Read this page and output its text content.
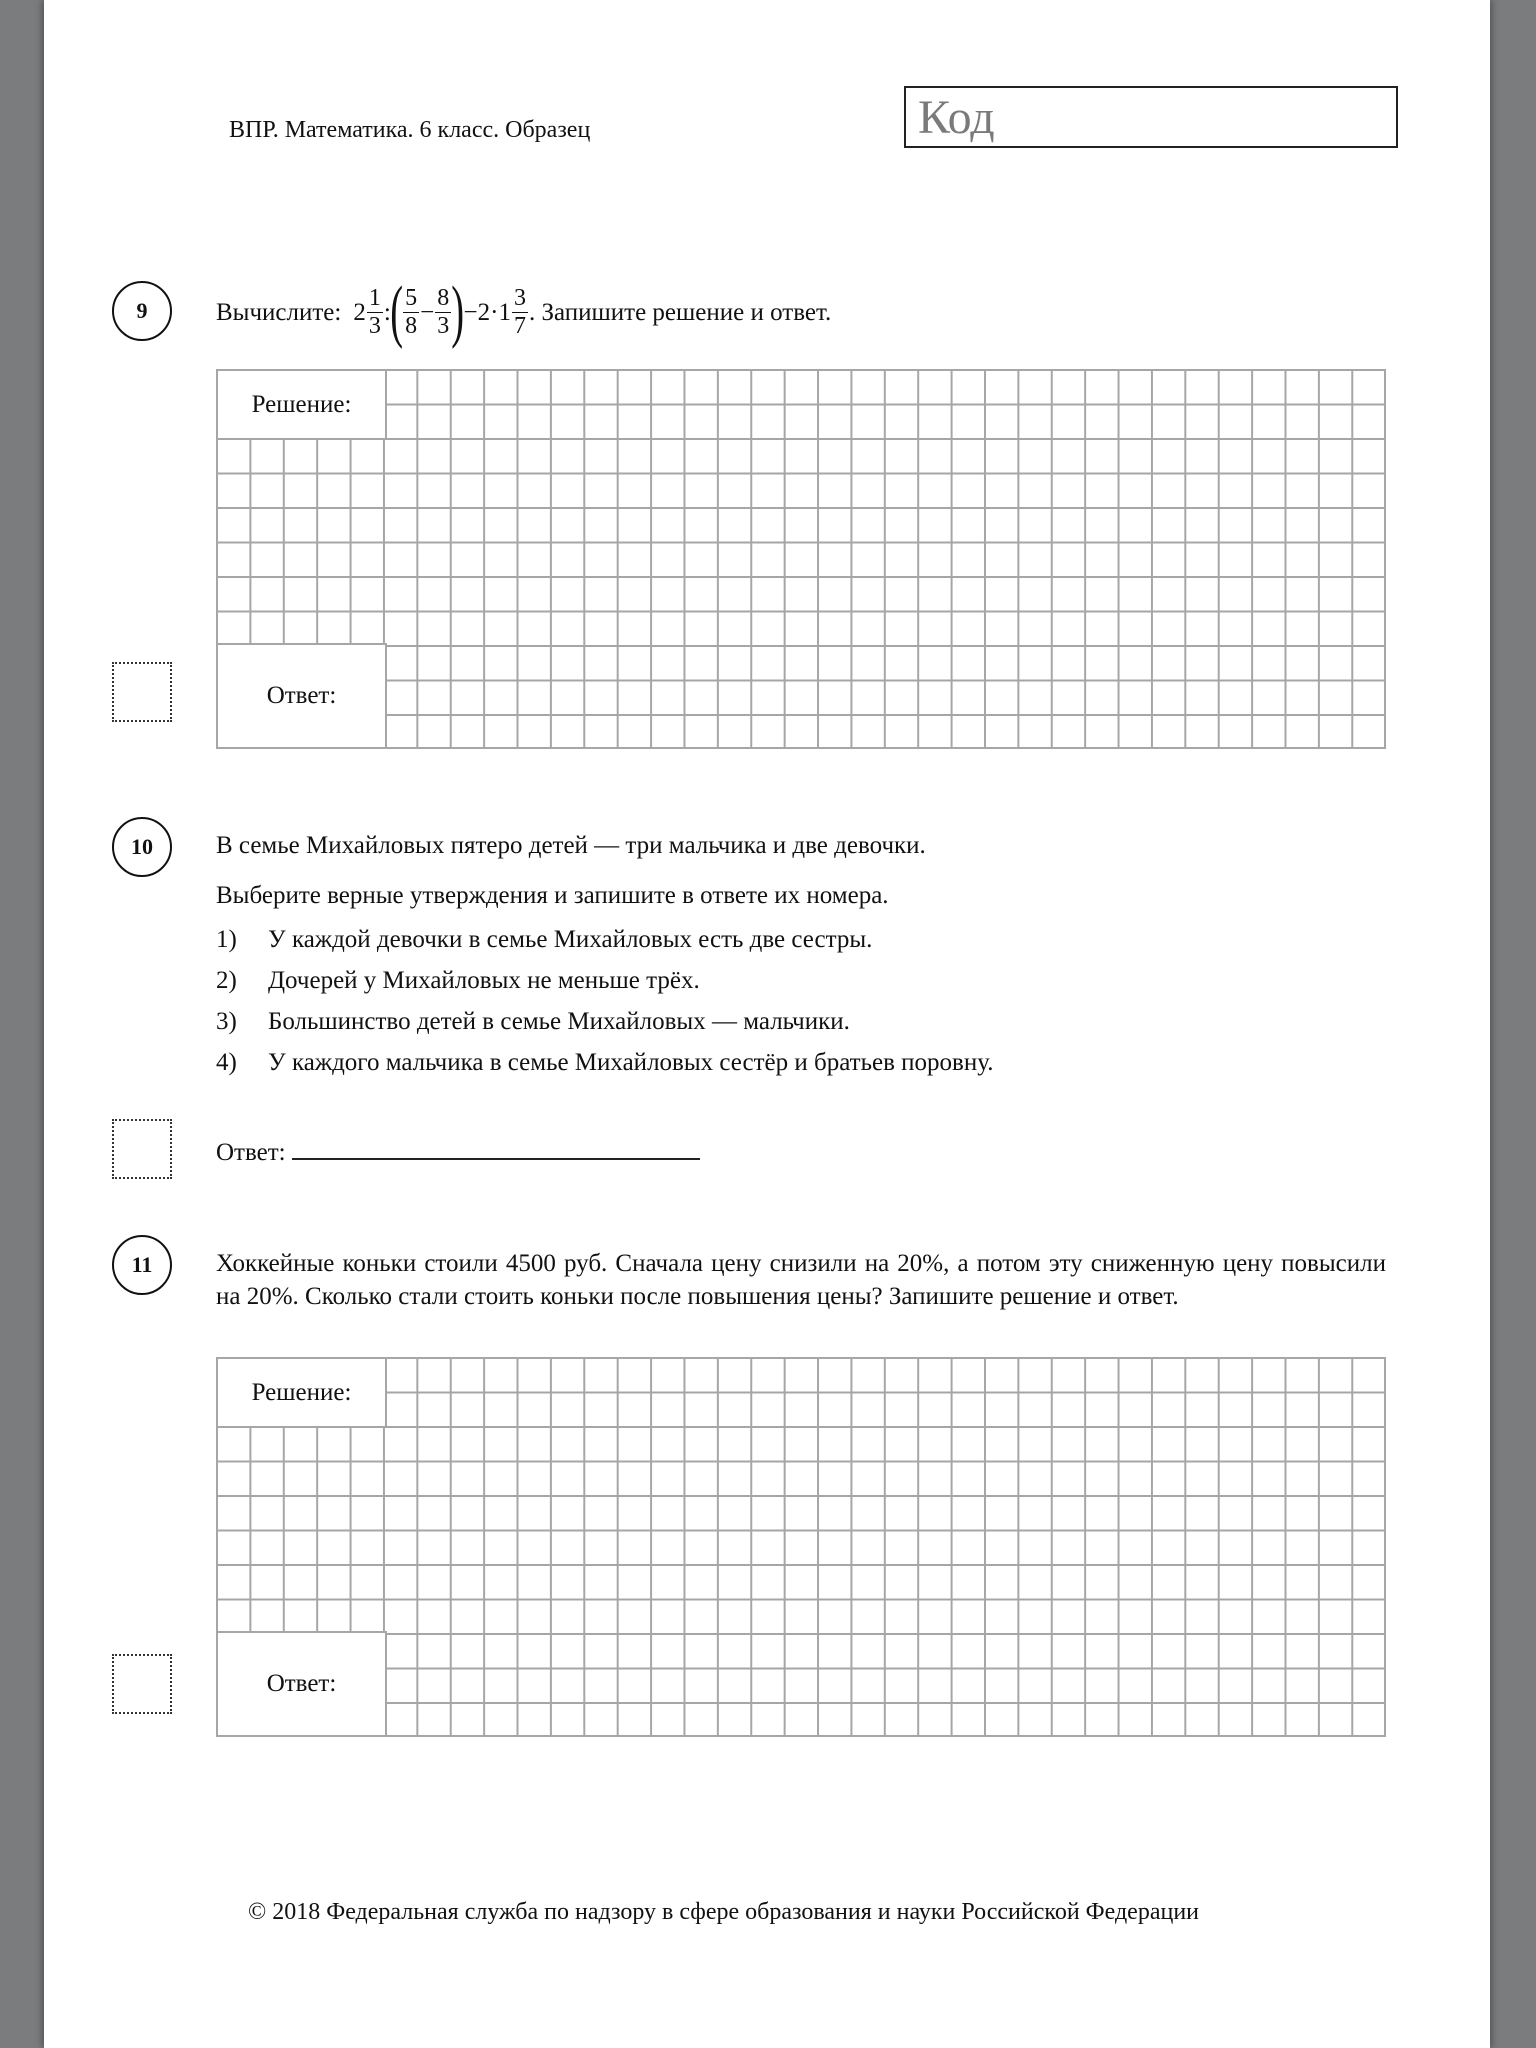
ВПР. Математика. 6 класс. Образец	Код
9	Вычислите: $2 \frac{1}{3}$ : ( $\frac{5}{8} - \frac{8}{3}$ ) $-2\cdot 1 \frac{3}{7}$ . Запишите решение и ответ.
Решение:
Ответ:
10	В семье Михайловых пятеро детей — три мальчика и две девочки.
Выберите верные утверждения и запишите в ответе их номера.
1)	У каждой девочки в семье Михайловых есть две сестры.
2)	Дочерей у Михайловых не меньше трёх.
3)	Большинство детей в семье Михайловых — мальчики.
4)	У каждого мальчика в семье Михайловых сестёр и братьев поровну.
Ответ:
11	Хоккейные коньки стоили 4500 руб. Сначала цену снизили на 20%, а потом эту сниженную цену повысили на 20%. Сколько стали стоить коньки после повышения цены? Запишите решение и ответ.
Решение:
Ответ:
© 2018 Федеральная служба по надзору в сфере образования и науки Российской Федерации
